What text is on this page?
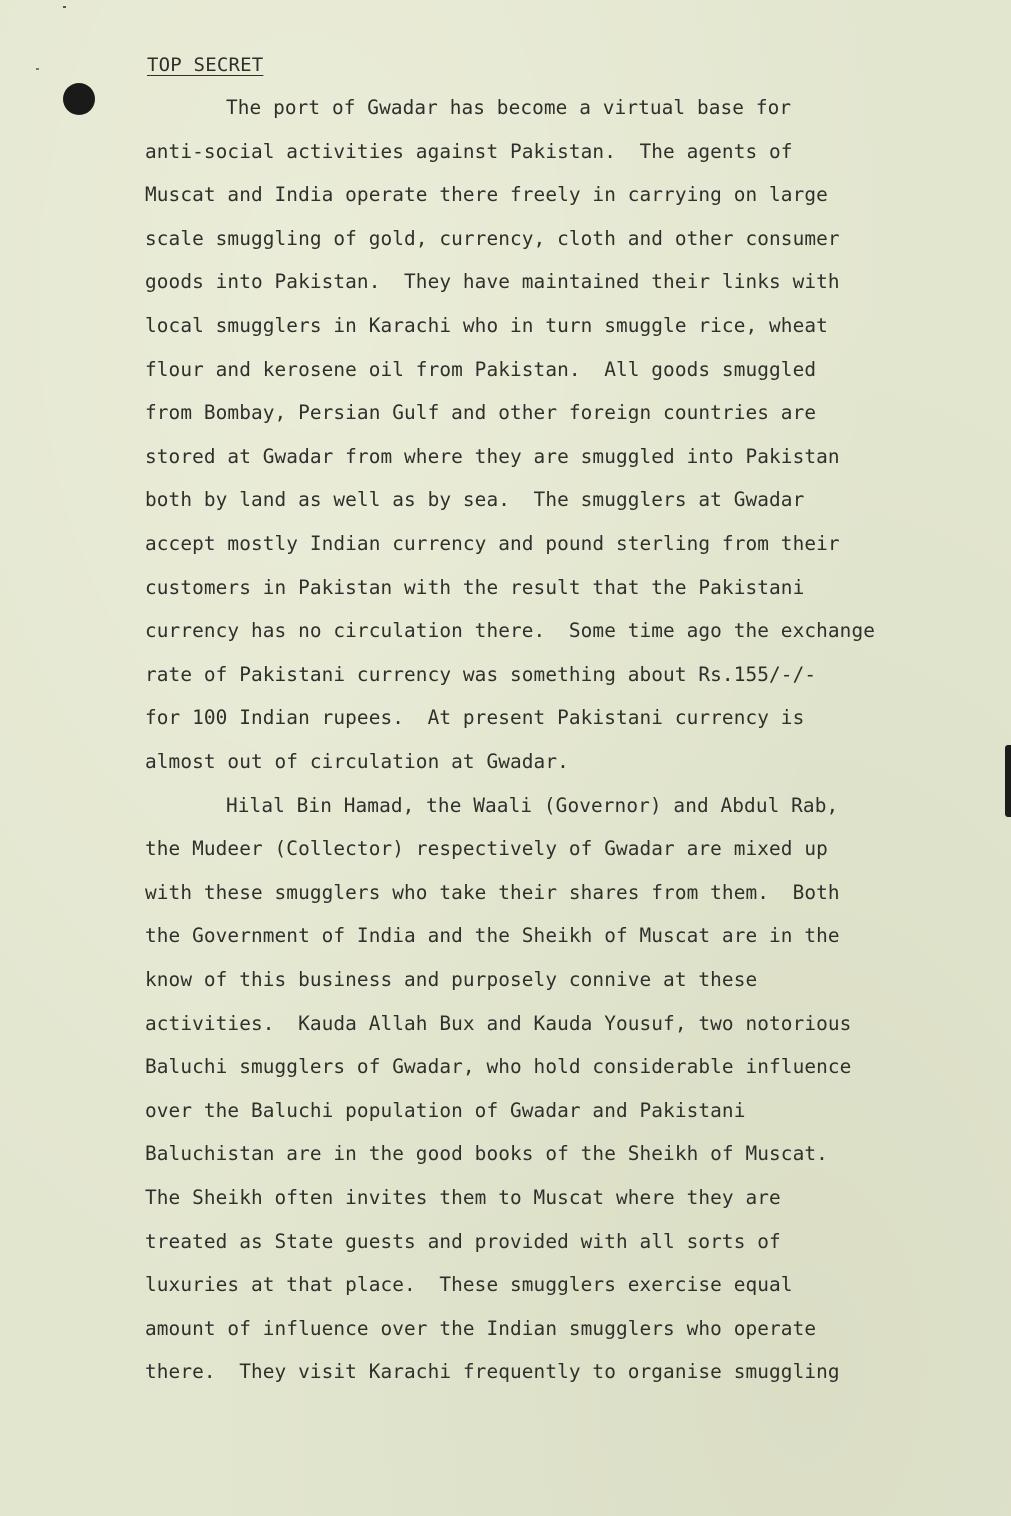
TOP SECRET
The port of Gwadar has become a virtual base for
anti-social activities against Pakistan.  The agents of
Muscat and India operate there freely in carrying on large
scale smuggling of gold, currency, cloth and other consumer
goods into Pakistan.  They have maintained their links with
local smugglers in Karachi who in turn smuggle rice, wheat
flour and kerosene oil from Pakistan.  All goods smuggled
from Bombay, Persian Gulf and other foreign countries are
stored at Gwadar from where they are smuggled into Pakistan
both by land as well as by sea.  The smugglers at Gwadar
accept mostly Indian currency and pound sterling from their
customers in Pakistan with the result that the Pakistani
currency has no circulation there.  Some time ago the exchange
rate of Pakistani currency was something about Rs.155/-/-
for 100 Indian rupees.  At present Pakistani currency is
almost out of circulation at Gwadar.
Hilal Bin Hamad, the Waali (Governor) and Abdul Rab,
the Mudeer (Collector) respectively of Gwadar are mixed up
with these smugglers who take their shares from them.  Both
the Government of India and the Sheikh of Muscat are in the
know of this business and purposely connive at these
activities.  Kauda Allah Bux and Kauda Yousuf, two notorious
Baluchi smugglers of Gwadar, who hold considerable influence
over the Baluchi population of Gwadar and Pakistani
Baluchistan are in the good books of the Sheikh of Muscat.
The Sheikh often invites them to Muscat where they are
treated as State guests and provided with all sorts of
luxuries at that place.  These smugglers exercise equal
amount of influence over the Indian smugglers who operate
there.  They visit Karachi frequently to organise smuggling
